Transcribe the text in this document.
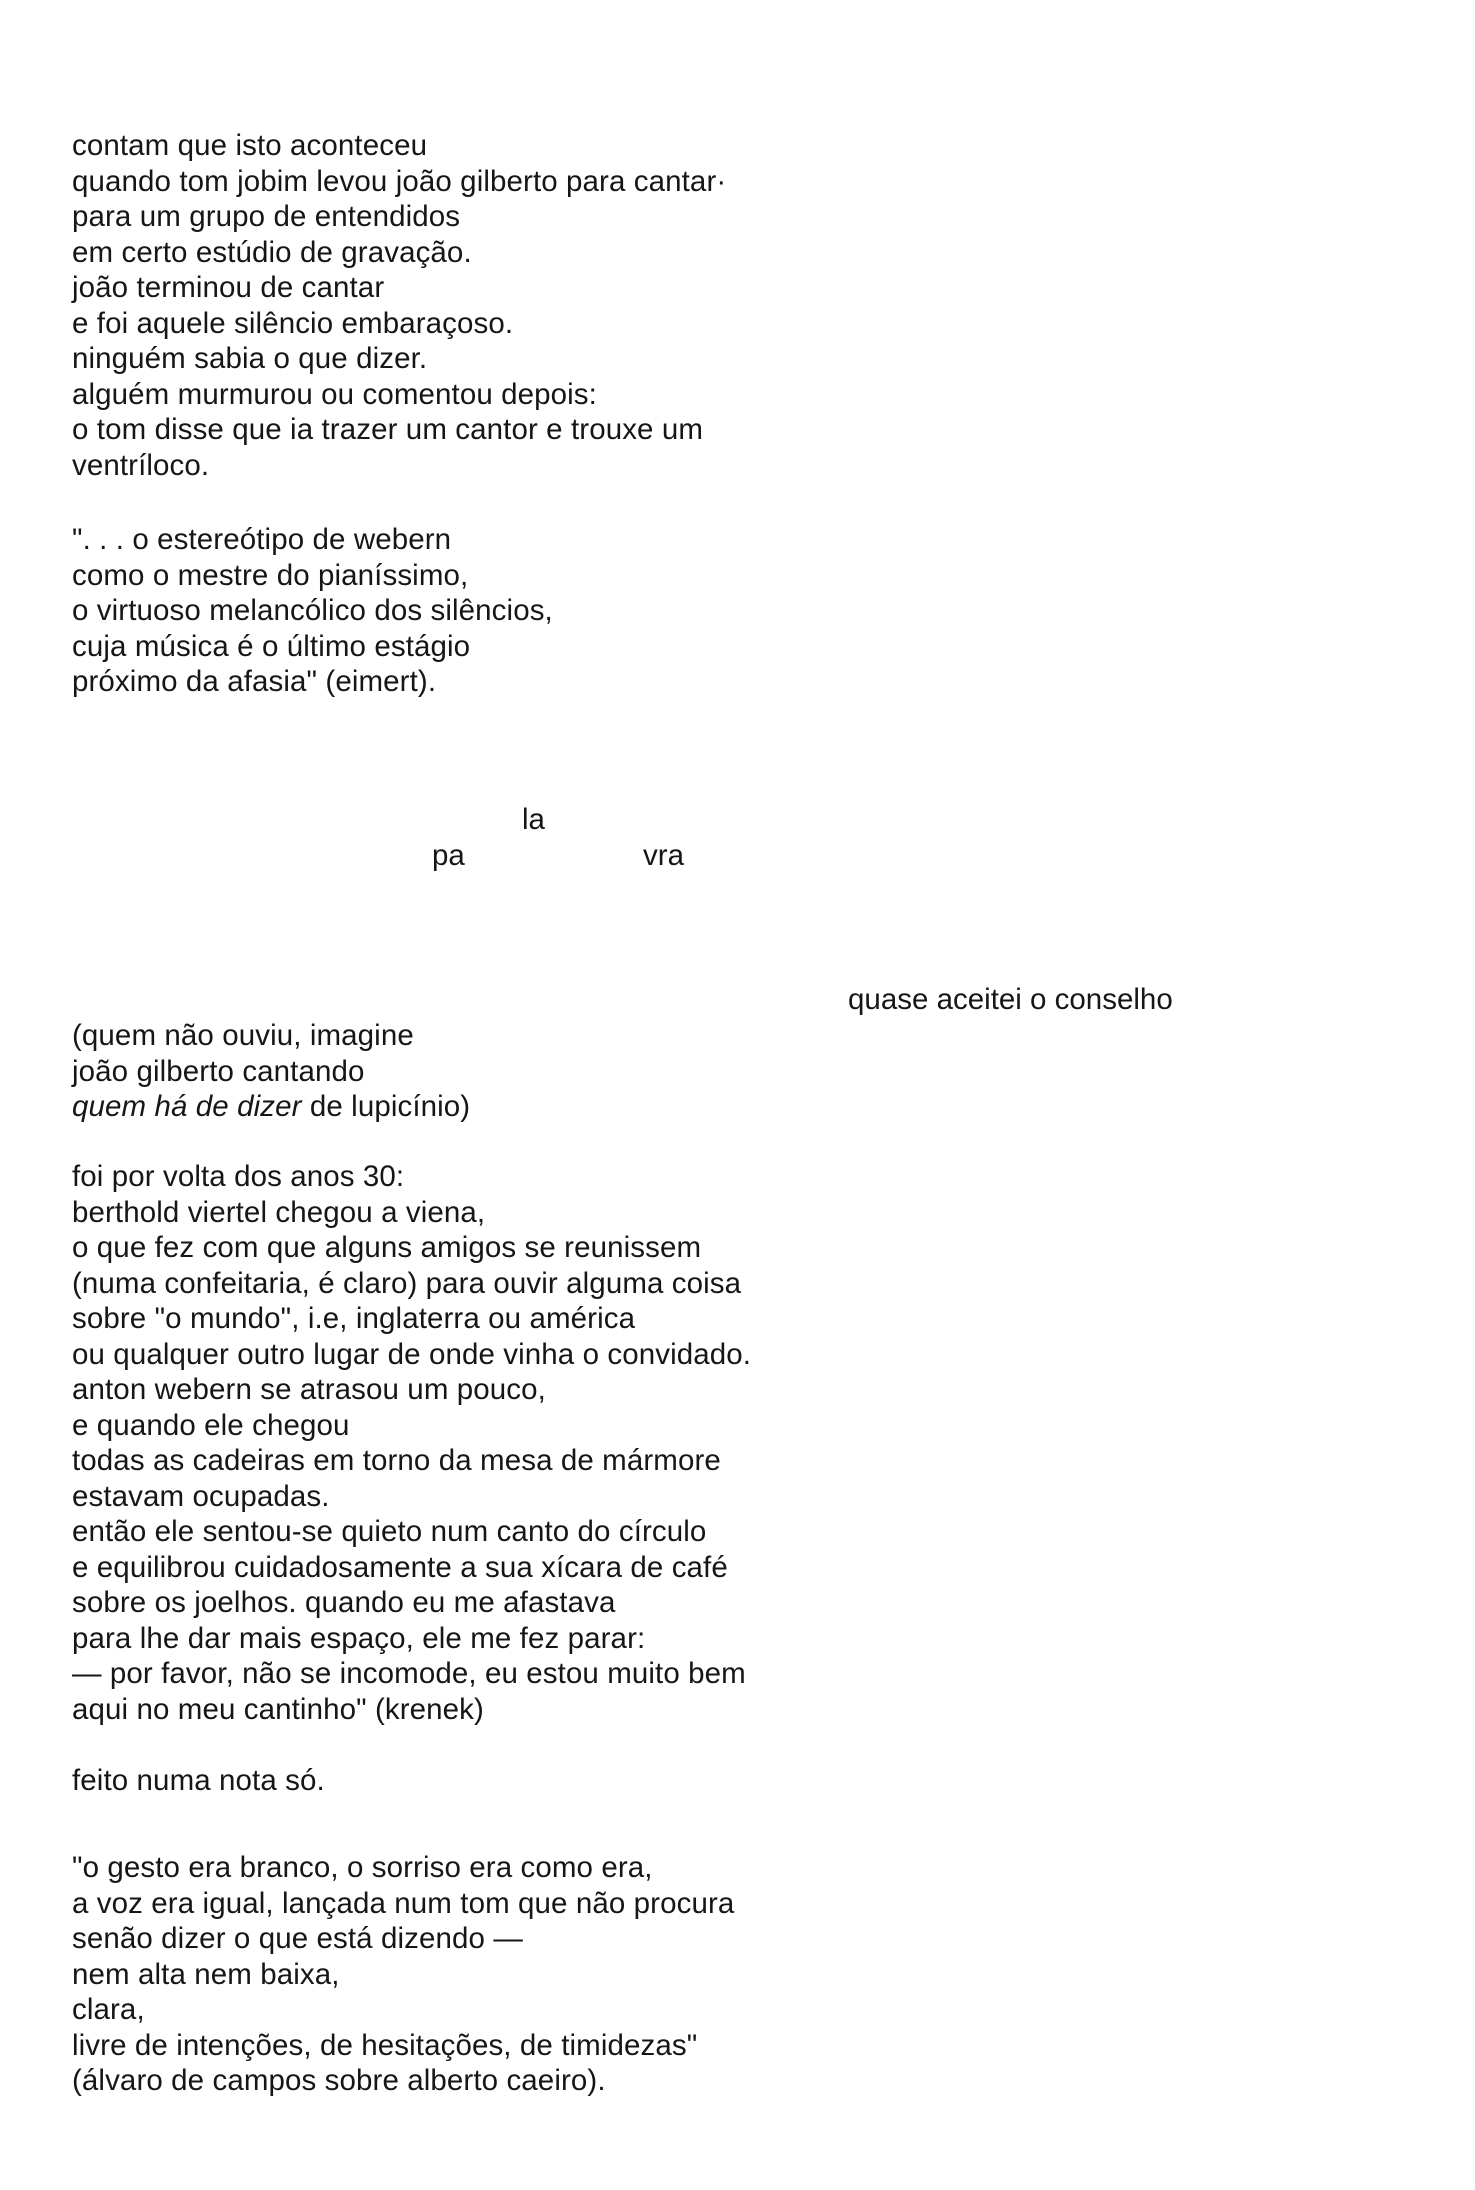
contam que isto aconteceu
quando tom jobim levou joão gilberto para cantar·
para um grupo de entendidos
em certo estúdio de gravação.
joão terminou de cantar
e foi aquele silêncio embaraçoso.
ninguém sabia o que dizer.
alguém murmurou ou comentou depois:
o tom disse que ia trazer um cantor e trouxe um
ventríloco.
". . . o estereótipo de webern
como o mestre do pianíssimo,
o virtuoso melancólico dos silêncios,
cuja música é o último estágio
próximo da afasia" (eimert).
la
pa	vra
quase aceitei o conselho
(quem não ouviu, imagine
joão gilberto cantando
quem há de dizer de lupicínio)
foi por volta dos anos 30:
berthold viertel chegou a viena,
o que fez com que alguns amigos se reunissem
(numa confeitaria, é claro) para ouvir alguma coisa
sobre "o mundo", i.e, inglaterra ou américa
ou qualquer outro lugar de onde vinha o convidado.
anton webern se atrasou um pouco,
e quando ele chegou
todas as cadeiras em torno da mesa de mármore
estavam ocupadas.
então ele sentou-se quieto num canto do círculo
e equilibrou cuidadosamente a sua xícara de café
sobre os joelhos. quando eu me afastava
para lhe dar mais espaço, ele me fez parar:
— por favor, não se incomode, eu estou muito bem
aqui no meu cantinho" (krenek)
feito numa nota só.
"o gesto era branco, o sorriso era como era,
a voz era igual, lançada num tom que não procura
senão dizer o que está dizendo —
nem alta nem baixa,
clara,
livre de intenções, de hesitações, de timidezas"
(álvaro de campos sobre alberto caeiro).
